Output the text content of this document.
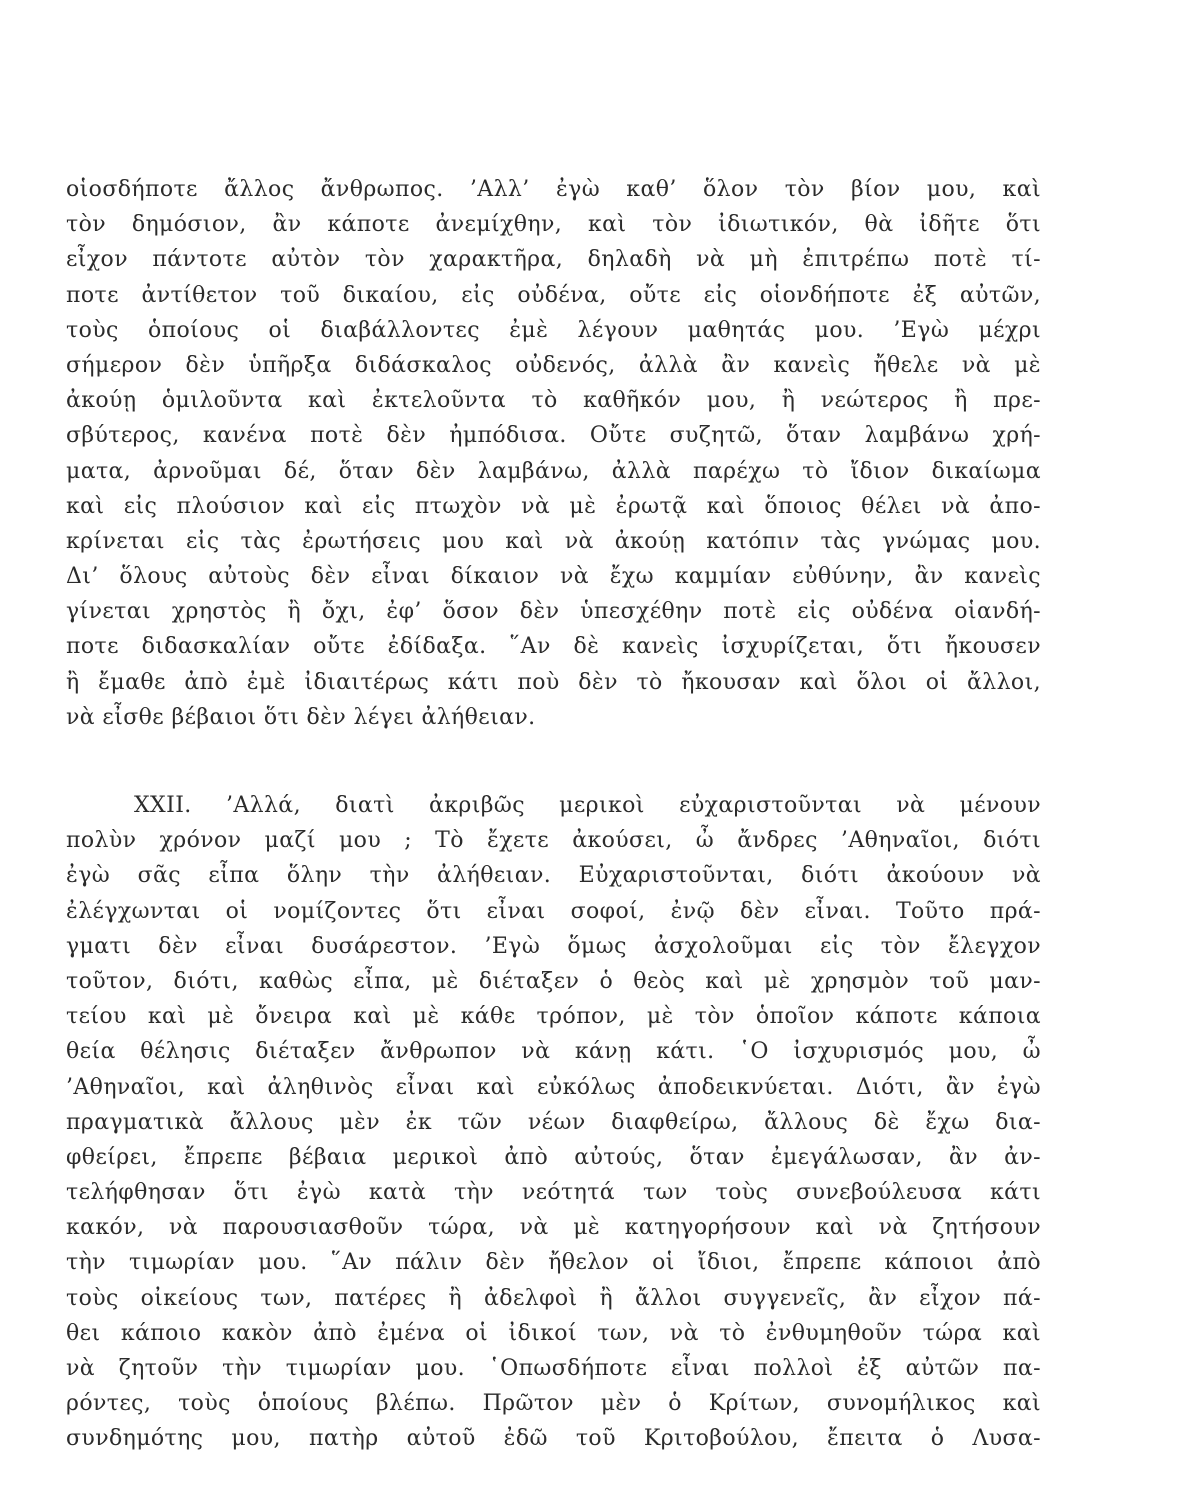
οἱοσδήποτε ἄλλος ἄνθρωπος. ’Αλλ’ ἐγὼ καθ’ ὅλον τὸν βίον μου, καὶ
τὸν δημόσιον, ἂν κάποτε ἀνεμίχθην, καὶ τὸν ἰδιωτικόν, θὰ ἰδῆτε ὅτι
εἶχον πάντοτε αὐτὸν τὸν χαρακτῆρα, δηλαδὴ νὰ μὴ ἐπιτρέπω ποτὲ τί-
ποτε ἀντίθετον τοῦ δικαίου, εἰς οὐδένα, οὔτε εἰς οἱονδήποτε ἐξ αὐτῶν,
τοὺς ὁποίους οἱ διαβάλλοντες ἐμὲ λέγουν μαθητάς μου. ’Εγὼ μέχρι
σήμερον δὲν ὑπῆρξα διδάσκαλος οὐδενός, ἀλλὰ ἂν κανεὶς ἤθελε νὰ μὲ
ἀκούῃ ὁμιλοῦντα καὶ ἐκτελοῦντα τὸ καθῆκόν μου, ἢ νεώτερος ἢ πρε-
σβύτερος, κανένα ποτὲ δὲν ἠμπόδισα. Οὔτε συζητῶ, ὅταν λαμβάνω χρή-
ματα, ἀρνοῦμαι δέ, ὅταν δὲν λαμβάνω, ἀλλὰ παρέχω τὸ ἴδιον δικαίωμα
καὶ εἰς πλούσιον καὶ εἰς πτωχὸν νὰ μὲ ἐρωτᾷ καὶ ὅποιος θέλει νὰ ἀπο-
κρίνεται εἰς τὰς ἐρωτήσεις μου καὶ νὰ ἀκούῃ κατόπιν τὰς γνώμας μου.
Δι’ ὅλους αὐτοὺς δὲν εἶναι δίκαιον νὰ ἔχω καμμίαν εὐθύνην, ἂν κανεὶς
γίνεται χρηστὸς ἢ ὄχι, ἐφ’ ὅσον δὲν ὑπεσχέθην ποτὲ εἰς οὐδένα οἱανδή-
ποτε διδασκαλίαν οὔτε ἐδίδαξα. ῞Αν δὲ κανεὶς ἰσχυρίζεται, ὅτι ἤκουσεν
ἢ ἔμαθε ἀπὸ ἐμὲ ἰδιαιτέρως κάτι ποὺ δὲν τὸ ἤκουσαν καὶ ὅλοι οἱ ἄλλοι,
νὰ εἶσθε βέβαιοι ὅτι δὲν λέγει ἀλήθειαν.
XXII. ’Αλλά, διατὶ ἀκριβῶς μερικοὶ εὐχαριστοῦνται νὰ μένουν
πολὺν χρόνον μαζί μου ; Τὸ ἔχετε ἀκούσει, ὦ ἄνδρες ’Αθηναῖοι, διότι
ἐγὼ σᾶς εἶπα ὅλην τὴν ἀλήθειαν. Εὐχαριστοῦνται, διότι ἀκούουν νὰ
ἐλέγχωνται οἱ νομίζοντες ὅτι εἶναι σοφοί, ἐνῷ δὲν εἶναι. Τοῦτο πρά-
γματι δὲν εἶναι δυσάρεστον. ’Εγὼ ὅμως ἀσχολοῦμαι εἰς τὸν ἔλεγχον
τοῦτον, διότι, καθὼς εἶπα, μὲ διέταξεν ὁ θεὸς καὶ μὲ χρησμὸν τοῦ μαν-
τείου καὶ μὲ ὄνειρα καὶ μὲ κάθε τρόπον, μὲ τὸν ὁποῖον κάποτε κάποια
θεία θέλησις διέταξεν ἄνθρωπον νὰ κάνῃ κάτι. ῾Ο ἰσχυρισμός μου, ὦ
’Αθηναῖοι, καὶ ἀληθινὸς εἶναι καὶ εὐκόλως ἀποδεικνύεται. Διότι, ἂν ἐγὼ
πραγματικὰ ἄλλους μὲν ἐκ τῶν νέων διαφθείρω, ἄλλους δὲ ἔχω δια-
φθείρει, ἔπρεπε βέβαια μερικοὶ ἀπὸ αὐτούς, ὅταν ἐμεγάλωσαν, ἂν ἀν-
τελήφθησαν ὅτι ἐγὼ κατὰ τὴν νεότητά των τοὺς συνεβούλευσα κάτι
κακόν, νὰ παρουσιασθοῦν τώρα, νὰ μὲ κατηγορήσουν καὶ νὰ ζητήσουν
τὴν τιμωρίαν μου. ῞Αν πάλιν δὲν ἤθελον οἱ ἴδιοι, ἔπρεπε κάποιοι ἀπὸ
τοὺς οἰκείους των, πατέρες ἢ ἀδελφοὶ ἢ ἄλλοι συγγενεῖς, ἂν εἶχον πά-
θει κάποιο κακὸν ἀπὸ ἐμένα οἱ ἰδικοί των, νὰ τὸ ἐνθυμηθοῦν τώρα καὶ
νὰ ζητοῦν τὴν τιμωρίαν μου. ῾Οπωσδήποτε εἶναι πολλοὶ ἐξ αὐτῶν πα-
ρόντες, τοὺς ὁποίους βλέπω. Πρῶτον μὲν ὁ Κρίτων, συνομήλικος καὶ
συνδημότης μου, πατὴρ αὐτοῦ ἐδῶ τοῦ Κριτοβούλου, ἔπειτα ὁ Λυσα-
